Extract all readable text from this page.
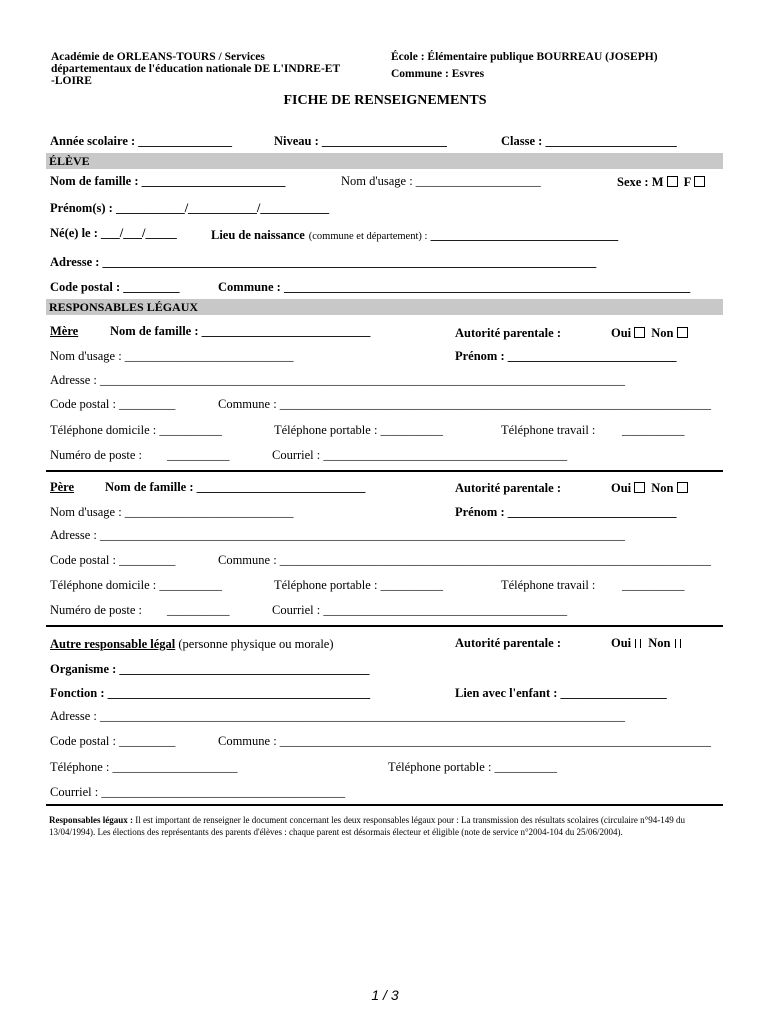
Académie de ORLEANS-TOURS / Services
départementaux de l'éducation nationale DE L'INDRE-ET
-LOIRE
École : Élémentaire publique BOURREAU (JOSEPH)
Commune : Esvres
FICHE DE RENSEIGNEMENTS
Année scolaire : _______________	Niveau : ____________________	Classe : _____________________
ÉLÈVE
Nom de famille : _______________________	Nom d'usage : ____________________	Sexe : M F
Prénom(s) : ___________/___________/___________
Né(e) le : ___/___/_____	Lieu de naissance (commune et département) : ______________________________
Adresse : _______________________________________________________________________________
Code postal : _________	Commune : _________________________________________________________________
RESPONSABLES LÉGAUX
Mère	Nom de famille : ___________________________	Autorité parentale :	Oui Non
Nom d'usage : ___________________________	Prénom : ___________________________
Adresse : ____________________________________________________________________________________
Code postal : _________	Commune : _____________________________________________________________________
Téléphone domicile : __________	Téléphone portable : __________	Téléphone travail : __________
Numéro de poste : __________	Courriel : _______________________________________
Père Nom de famille : ___________________________	Autorité parentale :	Oui Non
Nom d'usage : ___________________________	Prénom : ___________________________
Adresse : ____________________________________________________________________________________
Code postal : _________	Commune : _____________________________________________________________________
Téléphone domicile : __________	Téléphone portable : __________	Téléphone travail : __________
Numéro de poste : __________	Courriel : _______________________________________
Autre responsable légal (personne physique ou morale)	Autorité parentale :	Oui Non
Organisme : ________________________________________
Fonction : __________________________________________	Lien avec l'enfant : _________________
Adresse : ____________________________________________________________________________________
Code postal : _________	Commune : _____________________________________________________________________
Téléphone : ____________________	Téléphone portable : __________
Courriel : _______________________________________
Responsables légaux : Il est important de renseigner le document concernant les deux responsables légaux pour : La transmission des résultats scolaires (circulaire n°94-149 du 13/04/1994). Les élections des représentants des parents d'élèves : chaque parent est désormais électeur et éligible (note de service n°2004-104 du 25/06/2004).
1 / 3
